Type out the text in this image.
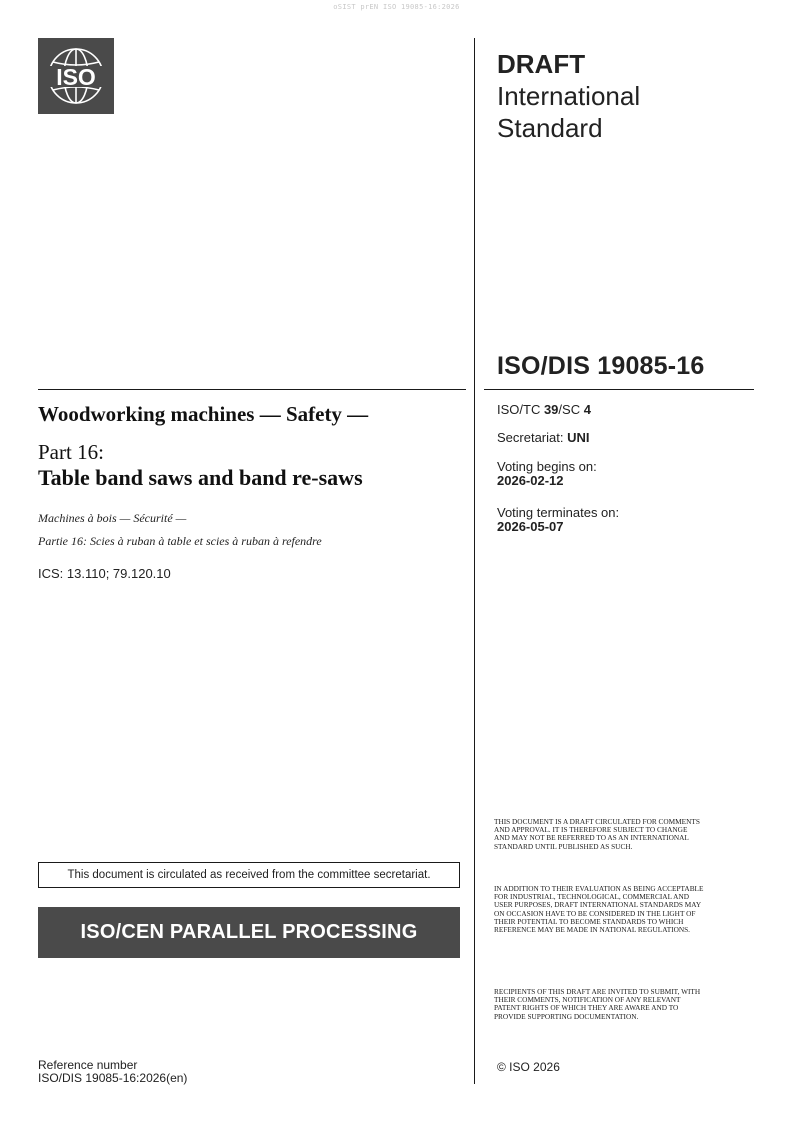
oSIST prEN ISO 19085-16:2026
ISO	DRAFT
International
Standard
ISO/DIS 19085-16
Woodworking machines — Safety —
Part 16:
Table band saws and band re-saws
Machines à bois — Sécurité —
Partie 16: Scies à ruban à table et scies à ruban à refendre
ICS: 13.110; 79.120.10
ISO/TC 39/SC 4
Secretariat: UNI
Voting begins on:
2026-02-12
Voting terminates on:
2026-05-07
This document is circulated as received from the committee secretariat.
ISO/CEN PARALLEL PROCESSING
Reference number
ISO/DIS 19085-16:2026(en)
THIS DOCUMENT IS A DRAFT CIRCULATED FOR COMMENTS AND APPROVAL. IT IS THEREFORE SUBJECT TO CHANGE AND MAY NOT BE REFERRED TO AS AN INTERNATIONAL STANDARD UNTIL PUBLISHED AS SUCH.
IN ADDITION TO THEIR EVALUATION AS BEING ACCEPTABLE FOR INDUSTRIAL, TECHNOLOGICAL, COMMERCIAL AND USER PURPOSES, DRAFT INTERNATIONAL STANDARDS MAY ON OCCASION HAVE TO BE CONSIDERED IN THE LIGHT OF THEIR POTENTIAL TO BECOME STANDARDS TO WHICH REFERENCE MAY BE MADE IN NATIONAL REGULATIONS.
RECIPIENTS OF THIS DRAFT ARE INVITED TO SUBMIT, WITH THEIR COMMENTS, NOTIFICATION OF ANY RELEVANT PATENT RIGHTS OF WHICH THEY ARE AWARE AND TO PROVIDE SUPPORTING DOCUMENTATION.
© ISO 2026
